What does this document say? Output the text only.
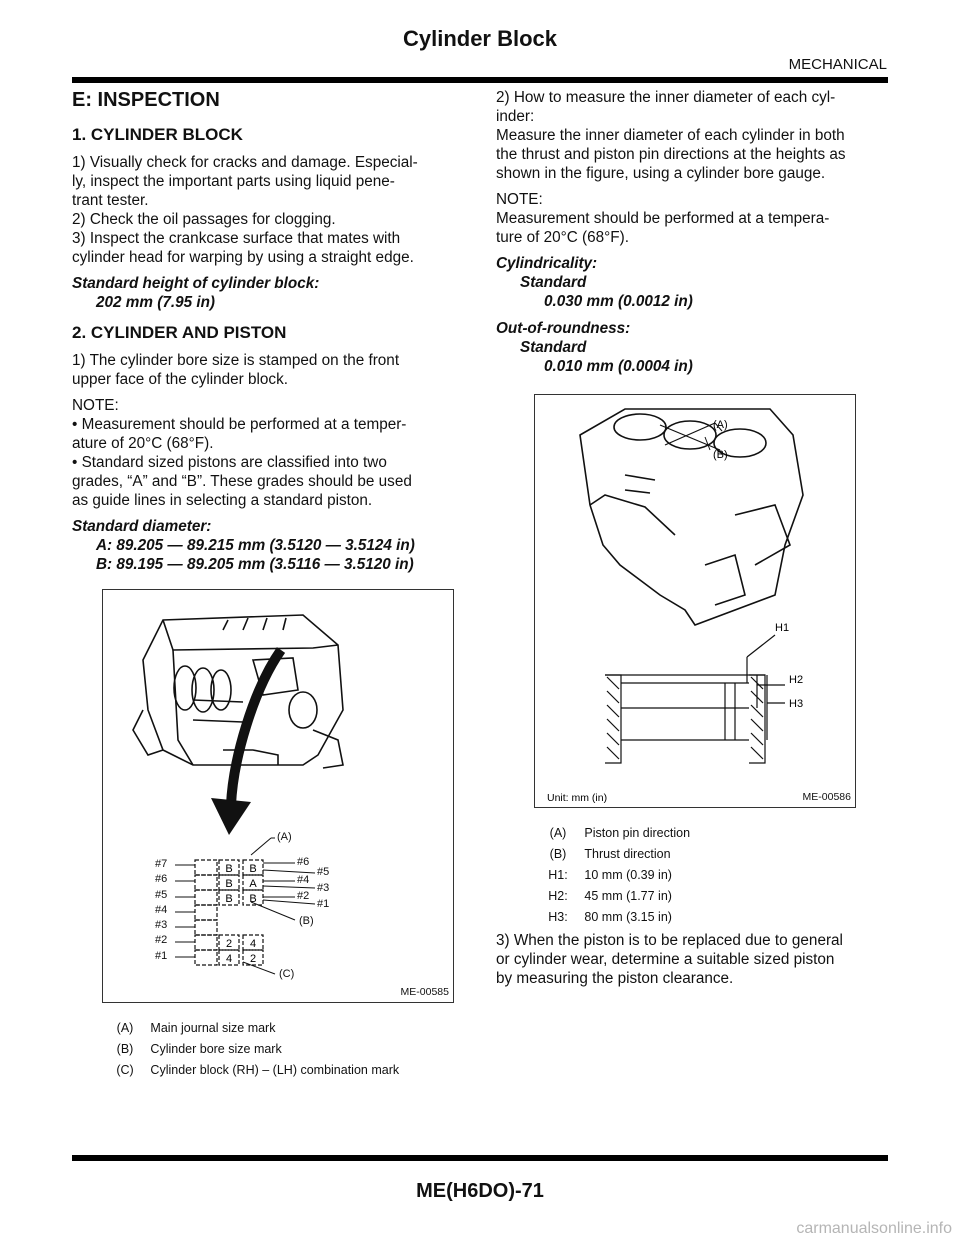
Cylinder Block
MECHANICAL
E: INSPECTION
1. CYLINDER BLOCK
1) Visually check for cracks and damage. Especial-
ly, inspect the important parts using liquid pene-
trant tester.
2) Check the oil passages for clogging.
3) Inspect the crankcase surface that mates with
cylinder head for warping by using a straight edge.
Standard height of cylinder block:
202 mm (7.95 in)
2. CYLINDER AND PISTON
1) The cylinder bore size is stamped on the front
upper face of the cylinder block.
NOTE:
• Measurement should be performed at a temper-
ature of 20°C (68°F).
• Standard sized pistons are classified into two
grades, “A” and “B”. These grades should be used
as guide lines in selecting a standard piston.
Standard diameter:
A: 89.205 — 89.215 mm (3.5120 — 3.5124 in)
B: 89.195 — 89.205 mm (3.5116 — 3.5120 in)
B B
A
B
B B
2 4
4 2
#7
#6
#5
#4
#3
#2
#1
#6
#5
#4
#3
#2
#1
(A)
(B)
(C)
ME-00585
(A) Main journal size mark
(B) Cylinder bore size mark
(C) Cylinder block (RH) – (LH) combination mark
2) How to measure the inner diameter of each cyl-
inder:
Measure the inner diameter of each cylinder in both
the thrust and piston pin directions at the heights as
shown in the figure, using a cylinder bore gauge.
NOTE:
Measurement should be performed at a tempera-
ture of 20°C (68°F).
Cylindricality:
Standard
0.030 mm (0.0012 in)
Out-of-roundness:
Standard
0.010 mm (0.0004 in)
H1
H2
H3
(A)
(B)
Unit: mm (in)	ME-00586
(A) Piston pin direction
(B) Thrust direction
H1: 10 mm (0.39 in)
H2: 45 mm (1.77 in)
H3: 80 mm (3.15 in)
3) When the piston is to be replaced due to general
or cylinder wear, determine a suitable sized piston
by measuring the piston clearance.
ME(H6DO)-71
carmanualsonline.info
